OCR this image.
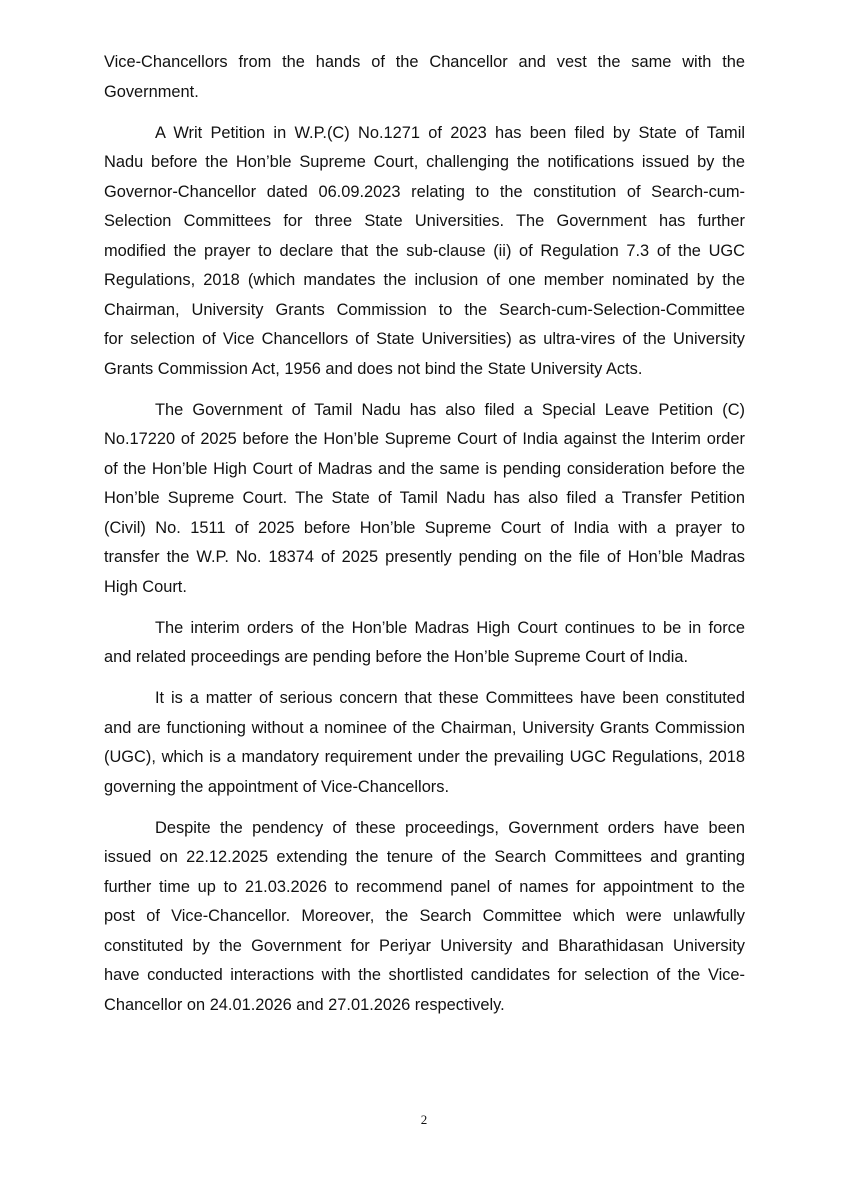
Vice-Chancellors from the hands of the Chancellor and vest the same with the
Government.
A Writ Petition in W.P.(C) No.1271 of 2023 has been filed by State of Tamil
Nadu before the Hon’ble Supreme Court, challenging the notifications issued by the
Governor-Chancellor dated 06.09.2023 relating to the constitution of Search-cum-
Selection Committees for three State Universities. The Government has further
modified the prayer to declare that the sub-clause (ii) of Regulation 7.3 of the UGC
Regulations, 2018 (which mandates the inclusion of one member nominated by the
Chairman, University Grants Commission to the Search-cum-Selection-Committee
for selection of Vice Chancellors of State Universities) as ultra-vires of the University
Grants Commission Act, 1956 and does not bind the State University Acts.
The Government of Tamil Nadu has also filed a Special Leave Petition (C)
No.17220 of 2025 before the Hon’ble Supreme Court of India against the Interim order
of the Hon’ble High Court of Madras and the same is pending consideration before the
Hon’ble Supreme Court. The State of Tamil Nadu has also filed a Transfer Petition
(Civil) No. 1511 of 2025 before Hon’ble Supreme Court of India with a prayer to
transfer the W.P. No. 18374 of 2025 presently pending on the file of Hon’ble Madras
High Court.
The interim orders of the Hon’ble Madras High Court continues to be in force
and related proceedings are pending before the Hon’ble Supreme Court of India.
It is a matter of serious concern that these Committees have been constituted
and are functioning without a nominee of the Chairman, University Grants Commission
(UGC), which is a mandatory requirement under the prevailing UGC Regulations, 2018
governing the appointment of Vice-Chancellors.
Despite the pendency of these proceedings, Government orders have been
issued on 22.12.2025 extending the tenure of the Search Committees and granting
further time up to 21.03.2026 to recommend panel of names for appointment to the
post of Vice-Chancellor. Moreover, the Search Committee which were unlawfully
constituted by the Government for Periyar University and Bharathidasan University
have conducted interactions with the shortlisted candidates for selection of the Vice-
Chancellor on 24.01.2026 and 27.01.2026 respectively.
2
